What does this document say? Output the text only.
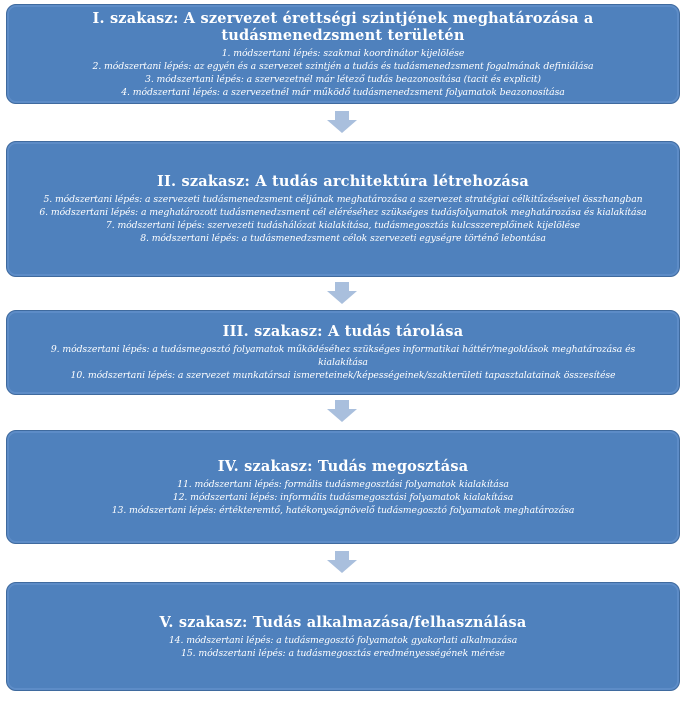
I. szakasz: A szervezet érettségi szintjének meghatározása a tudásmenedzsment területén
1. módszertani lépés: szakmai koordinátor kijelölése
2. módszertani lépés: az egyén és a szervezet szintjén a tudás és tudásmenedzsment fogalmának definiálása
3. módszertani lépés: a szervezetnél már létező tudás beazonosítása (tacit és explicit)
4. módszertani lépés: a szervezetnél már működő tudásmenedzsment folyamatok beazonosítása
II. szakasz: A tudás architektúra létrehozása
5. módszertani lépés: a szervezeti tudásmenedzsment céljának meghatározása a szervezet stratégiai célkitűzéseivel összhangban
6. módszertani lépés: a meghatározott tudásmenedzsment cél eléréséhez szükséges tudásfolyamatok meghatározása és kialakítása
7. módszertani lépés: szervezeti tudáshálózat kialakítása, tudásmegosztás kulcsszereplőinek kijelölése
8. módszertani lépés: a tudásmenedzsment célok szervezeti egységre történő lebontása
III. szakasz: A tudás tárolása
9. módszertani lépés: a tudásmegosztó folyamatok működéséhez szükséges informatikai háttér/megoldások meghatározása és kialakítása
10. módszertani lépés: a szervezet munkatársai ismereteinek/képességeinek/szakterületi tapasztalatainak összesítése
IV. szakasz: Tudás megosztása
11. módszertani lépés: formális tudásmegosztási folyamatok kialakítása
12. módszertani lépés: informális tudásmegosztási folyamatok kialakítása
13. módszertani lépés: értékteremtő, hatékonyságnövelő tudásmegosztó folyamatok meghatározása
V. szakasz: Tudás alkalmazása/felhasználása
14. módszertani lépés: a tudásmegosztó folyamatok gyakorlati alkalmazása
15. módszertani lépés: a tudásmegosztás eredményességének mérése
